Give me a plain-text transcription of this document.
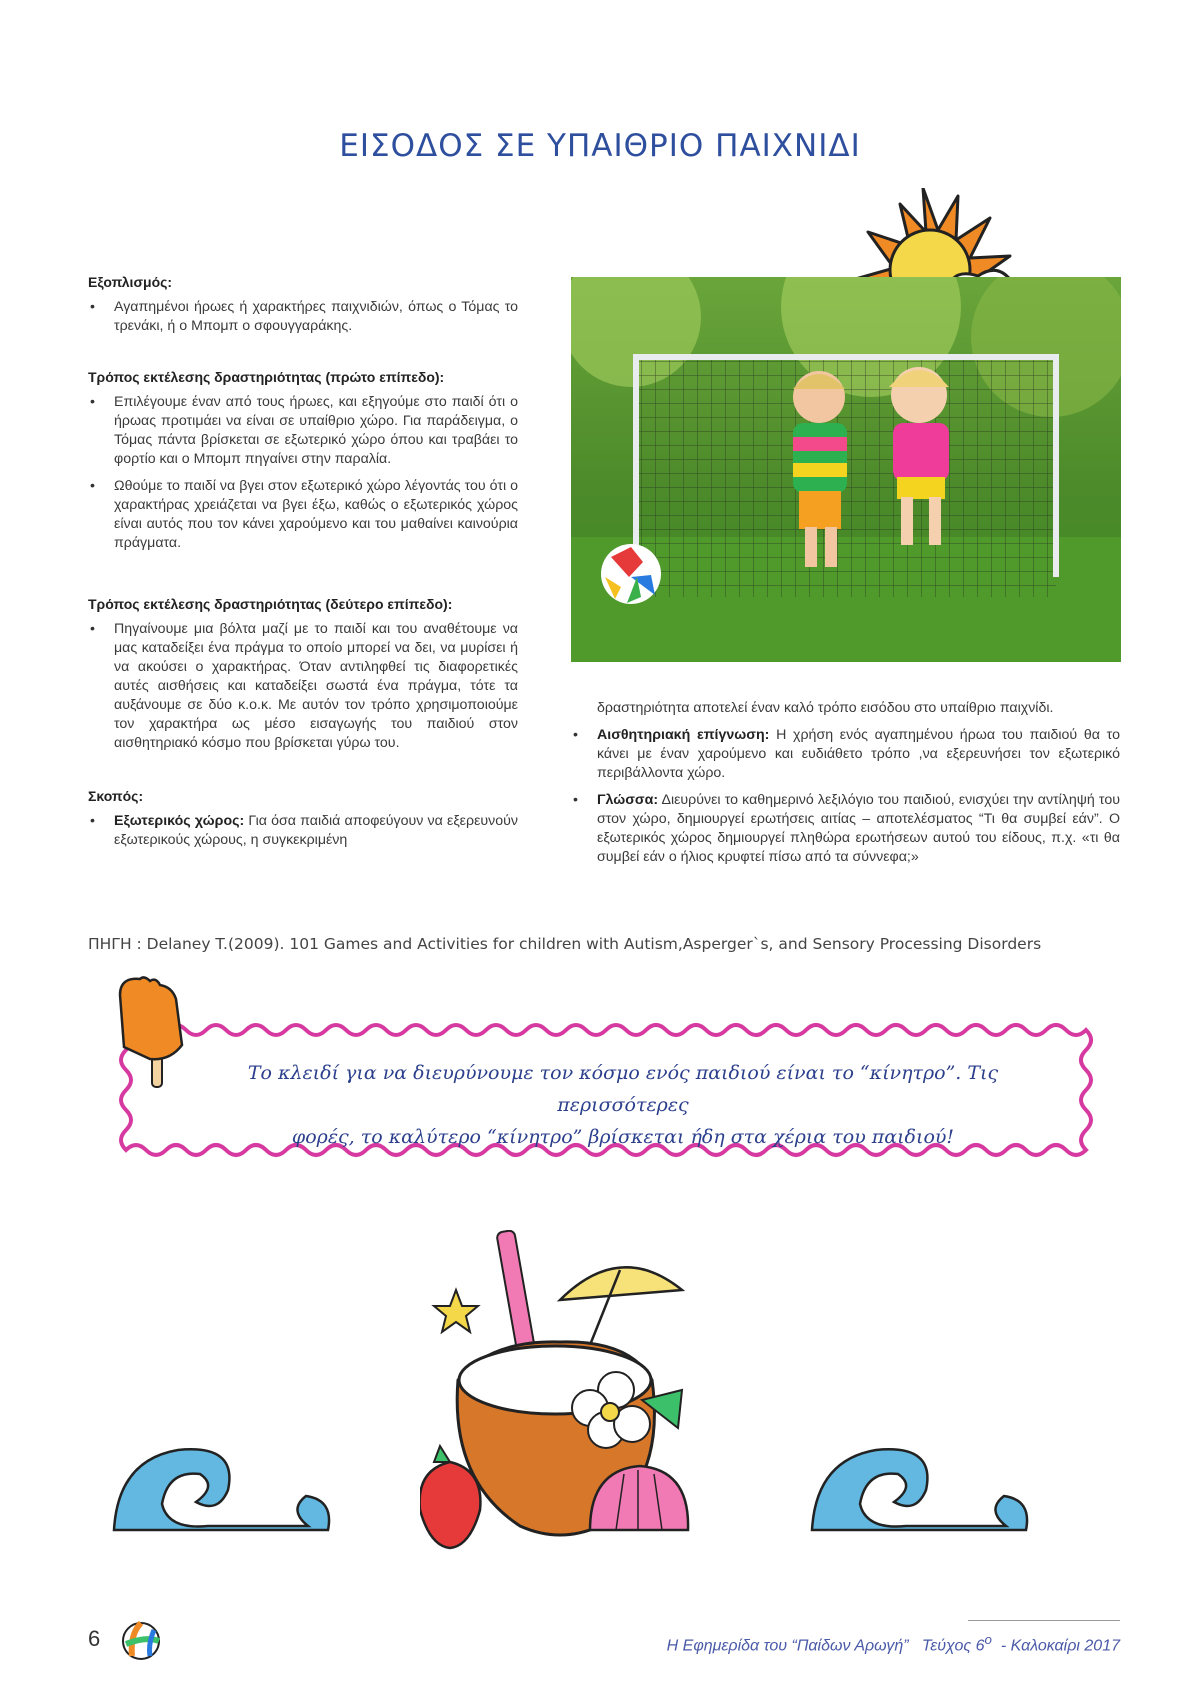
ΕΙΣΟΔΟΣ ΣΕ ΥΠΑΙΘΡΙΟ ΠΑΙΧΝΙΔΙ
Εξοπλισμός:
• Αγαπημένοι ήρωες ή χαρακτήρες παιχνιδιών, όπως ο Τόμας το τρενάκι, ή ο Μπομπ ο σφουγγαράκης.
Τρόπος εκτέλεσης δραστηριότητας (πρώτο επίπεδο):
• Επιλέγουμε έναν από τους ήρωες, και εξηγούμε στο παιδί ότι ο ήρωας προτιμάει να είναι σε υπαίθριο χώρο. Για παράδειγμα, ο Τόμας πάντα βρίσκεται σε εξωτερικό χώρο όπου και τραβάει το φορτίο και ο Μπομπ πηγαίνει στην παραλία.
• Ωθούμε το παιδί να βγει στον εξωτερικό χώρο λέγοντάς του ότι ο χαρακτήρας χρειάζεται να βγει έξω, καθώς ο εξωτερικός χώρος είναι αυτός που τον κάνει χαρούμενο και του μαθαίνει καινούρια πράγματα.
Τρόπος εκτέλεσης δραστηριότητας (δεύτερο επίπεδο):
• Πηγαίνουμε μια βόλτα μαζί με το παιδί και του αναθέτουμε να μας καταδείξει ένα πράγμα το οποίο μπορεί να δει, να μυρίσει ή να ακούσει ο χαρακτήρας. Όταν αντιληφθεί τις διαφορετικές αυτές αισθήσεις και καταδείξει σωστά ένα πράγμα, τότε τα αυξάνουμε σε δύο κ.ο.κ. Με αυτόν τον τρόπο χρησιμοποιούμε τον χαρακτήρα ως μέσο εισαγωγής του παιδιού στον αισθητηριακό κόσμο που βρίσκεται γύρω του.
Σκοπός:
• Εξωτερικός χώρος: Για όσα παιδιά αποφεύγουν να εξερευνούν εξωτερικούς χώρους, η συγκεκριμένη
δραστηριότητα αποτελεί έναν καλό τρόπο εισόδου στο υπαίθριο παιχνίδι.
• Αισθητηριακή επίγνωση: Η χρήση ενός αγαπημένου ήρωα του παιδιού θα το κάνει με έναν χαρούμενο και ευδιάθετο τρόπο ,να εξερευνήσει τον εξωτερικό περιβάλλοντα χώρο.
• Γλώσσα: Διευρύνει το καθημερινό λεξιλόγιο του παιδιού, ενισχύει την αντίληψή του στον χώρο, δημιουργεί ερωτήσεις αιτίας – αποτελέσματος “Τι θα συμβεί εάν”. Ο εξωτερικός χώρος δημιουργεί πληθώρα ερωτήσεων αυτού του είδους, π.χ. «τι θα συμβεί εάν ο ήλιος κρυφτεί πίσω από τα σύννεφα;»
ΠΗΓΗ : Delaney T.(2009). 101 Games and Activities for children with Autism,Asperger`s, and Sensory Processing Disorders
Το κλειδί για να διευρύνουμε τον κόσμο ενός παιδιού είναι το “κίνητρο”. Τις περισσότερες
φορές, το καλύτερο “κίνητρο” βρίσκεται ήδη στα χέρια του παιδιού!
6	Η Εφημερίδα του “Παίδων Αρωγή” Τεύχος $6^o$ - Καλοκαίρι 2017
